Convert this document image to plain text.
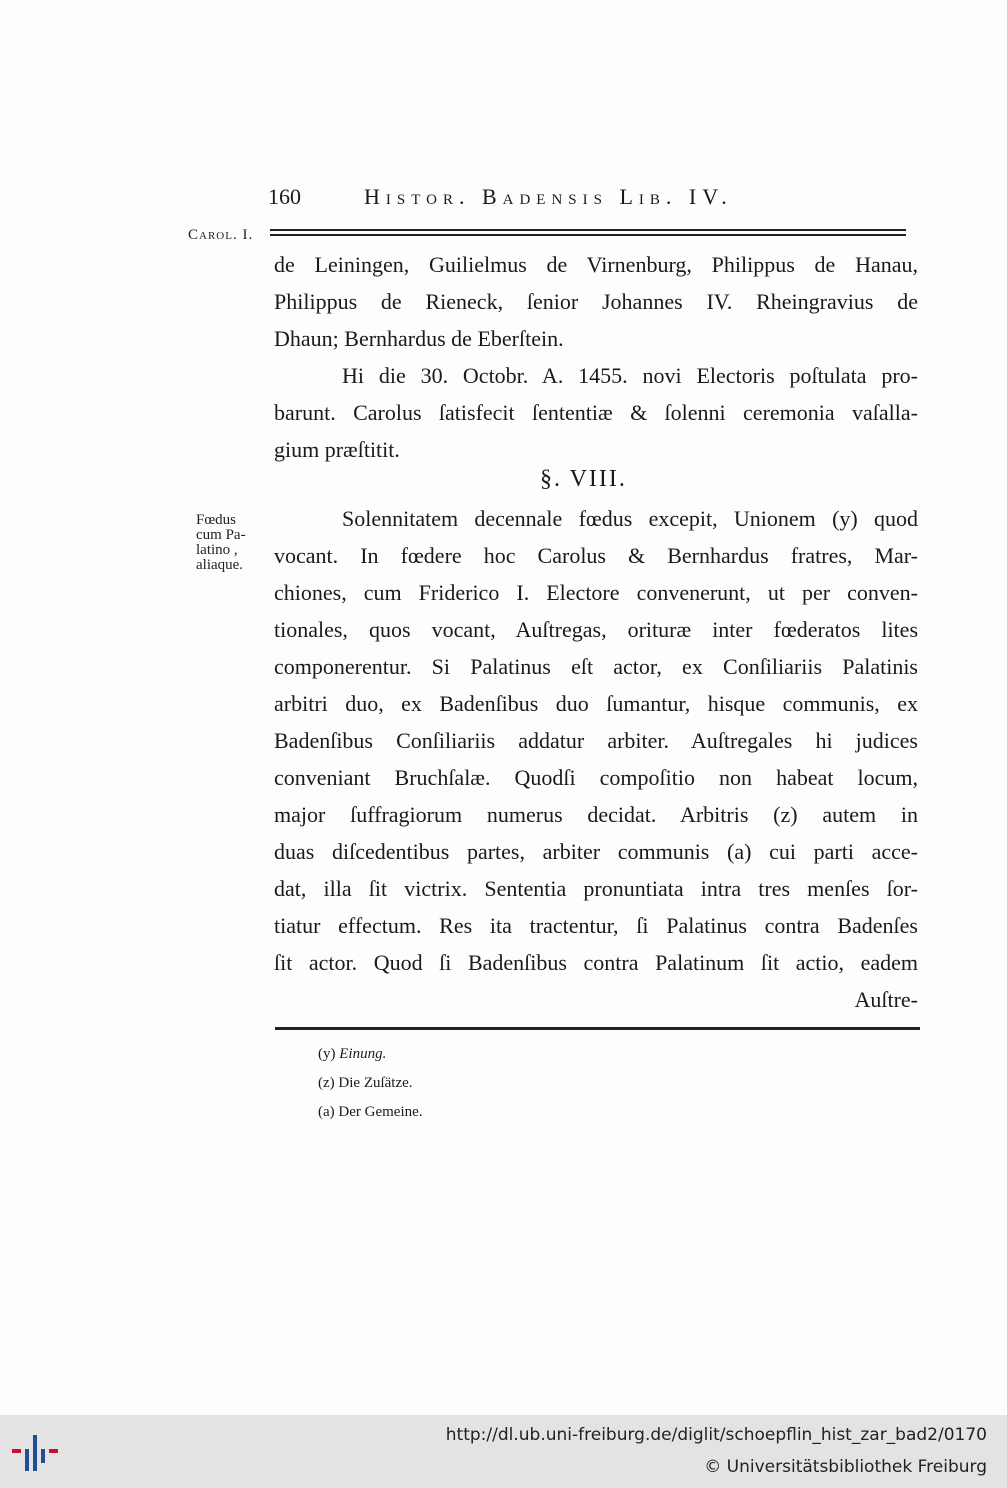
160	Histor. Badensis Lib. IV.
Carol. I.
de Leiningen, Guilielmus de Virnenburg, Philippus de Hanau,
Philippus de Rieneck, ſenior Johannes IV. Rheingravius de
Dhaun; Bernhardus de Eberſtein.
Hi die 30. Octobr. A. 1455. novi Electoris poſtulata pro-
barunt. Carolus ſatisfecit ſententiæ & ſolenni ceremonia vaſalla-
gium præſtitit.
§. VIII.
Fœdus
cum Pa-
latino ,
aliaque.
Solennitatem decennale fœdus excepit, Unionem (y) quod
vocant. In fœdere hoc Carolus & Bernhardus fratres, Mar-
chiones, cum Friderico I. Electore convenerunt, ut per conven-
tionales, quos vocant, Auſtregas, orituræ inter fœderatos lites
componerentur. Si Palatinus eſt actor, ex Conſiliariis Palatinis
arbitri duo, ex Badenſibus duo ſumantur, hisque communis, ex
Badenſibus Conſiliariis addatur arbiter. Auſtregales hi judices
conveniant Bruchſalæ. Quodſi compoſitio non habeat locum,
major ſuffragiorum numerus decidat. Arbitris (z) autem in
duas diſcedentibus partes, arbiter communis (a) cui parti acce-
dat, illa ſit victrix. Sententia pronuntiata intra tres menſes ſor-
tiatur effectum. Res ita tractentur, ſi Palatinus contra Badenſes
ſit actor. Quod ſi Badenſibus contra Palatinum ſit actio, eadem
Auſtre-
(y) Einung.
(z) Die Zuſätze.
(a) Der Gemeine.
http://dl.ub.uni-freiburg.de/diglit/schoepflin_hist_zar_bad2/0170
© Universitätsbibliothek Freiburg
